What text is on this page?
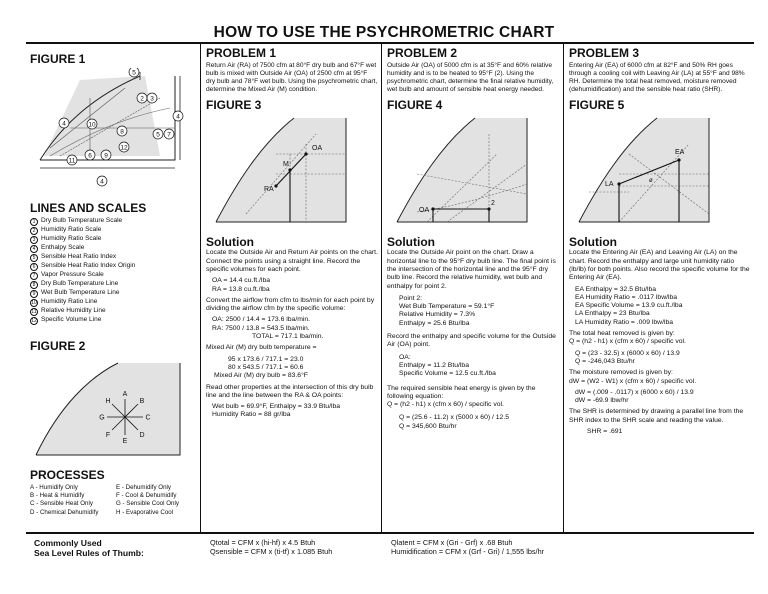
HOW TO USE THE PSYCHROMETRIC CHART
FIGURE 1
5
2 3
4
4	10
8	5 7
12
6 9
11
4
LINES AND SCALES
1 Dry Bulb Temperature Scale
2 Humidity Ratio Scale
3 Humidity Ratio Scale
4 Enthalpy Scale
5 Sensible Heat Ratio Index
6 Sensible Heat Ratio Index Origin
7 Vapor Pressure Scale
8 Dry Bulb Temperature Line
9 Wet Bulb Temperature Line
10 Humidity Ratio Line
11 Relative Humidity Line
12 Specific Volume Line
FIGURE 2
A
B
C
D
E
F
G
H
PROCESSES
A - Humidify Only	E - Dehumidify Only
B - Heat & Humidify	F - Cool & Dehumidify
C - Sensible Heat Only	G - Sensible Cool Only
D - Chemical Dehumidify	H - Evaporative Cool
PROBLEM 1
Return Air (RA) of 7500 cfm at 80°F dry bulb and 67°F wet bulb is mixed with Outside Air (OA) of 2500 cfm at 95°F dry bulb and 78°F wet bulb. Using the psychrometric chart, determine the Mixed Air (M) condition.
FIGURE 3
OA
M
RA
Solution

Locate the Outside Air and Return Air points on the chart. Connect the points using a straight line. Record the specific volumes for each point.

OA = 14.4 cu.ft./lba

RA = 13.8 cu.ft./lba

Convert the airflow from cfm to lbs/min for each point by dividing the airflow cfm by the specific volume:

OA: 2500 / 14.4 = 173.6 lba/min.
RA: 7500 / 13.8 = 543.5 lba/min.

TOTAL = 717.1 lba/min.

Mixed Air (M) dry bulb temperature =

95 x 173.6 / 717.1 = 23.0
80 x 543.5 / 717.1 = 60.6

Mixed Air (M) dry bulb = 83.6°F

Read other properties at the intersection of this dry bulb line and the line between the RA & OA points:

Wet bulb = 69.9°F, Enthalpy = 33.9 Btu/lba
Humidity Ratio = 88 gr/lba
PROBLEM 2
Outside Air (OA) of 5000 cfm is at 35°F and 60% relative humidity and is to be heated to 95°F (2). Using the psychrometric chart, determine the final relative humidity, wet bulb and amount of sensible heat energy needed.
FIGURE 4
OA
2
Solution

Locate the Outside Air point on the chart. Draw a horizontal line to the 95°F dry bulb line. The final point is the intersection of the horizontal line and the 95°F dry bulb line. Record the relative humidity, wet bulb and enthalpy for point 2.

Point 2:
Wet Bulb Temperature = 59.1°F
Relative Humidity = 7.3%

Enthalpy = 25.6 Btu/lba

Record the enthalpy and specific volume for the Outside Air (OA) point.

OA:
Enthalpy = 11.2 Btu/lba

Specific Volume = 12.5 cu.ft./lba

The required sensible heat energy is given by the following equation:

Q = (h2 - h1) x (cfm x 60) / specific vol.

Q = (25.6 - 11.2) x (5000 x 60) / 12.5
Q = 345,600 Btu/hr
PROBLEM 3
Entering Air (EA) of 6000 cfm at 82°F and 50% RH goes through a cooling coil with Leaving Air (LA) at 55°F and 98% RH. Determine the total heat removed, moisture removed (dehumidification) and the sensible heat ratio (SHR).
FIGURE 5
EA
LA	ø
Solution

Locate the Entering Air (EA) and Leaving Air (LA) on the chart. Record the enthalpy and large unit humidity ratio (lb/lb) for both points. Also record the specific volume for the Entering Air (EA).

EA Enthalpy = 32.5 Btu/lba
EA Humidity Ratio = .0117 lbw/lba
EA Specific Volume = 13.9 cu.ft./lba
LA Enthalpy = 23 Btu/lba

LA Humidity Ratio = .009 lbw/lba

The total heat removed is given by:

Q = (h2 - h1) x (cfm x 60) / specific vol.

Q = (23 - 32.5) x (6000 x 60) / 13.9

Q = -246,043 Btu/hr

The moisture removed is given by:

dW = (W2 - W1) x (cfm x 60) / specific vol.

dW = (.009 - .0117) x (6000 x 60) / 13.9

dW = -69.9 lbw/hr

The SHR is determined by drawing a parallel line from the SHR index to the SHR scale and reading the value.

SHR = .691
Commonly Used
Sea Level Rules of Thumb:
Qtotal = CFM x (hi-hf) x 4.5 Btuh
Qsensible = CFM x (ti-tf) x 1.085 Btuh
Qlatent = CFM x (Gri - Grf) x .68 Btuh
Humidification = CFM x (Grf - Gri) / 1,555 lbs/hr
